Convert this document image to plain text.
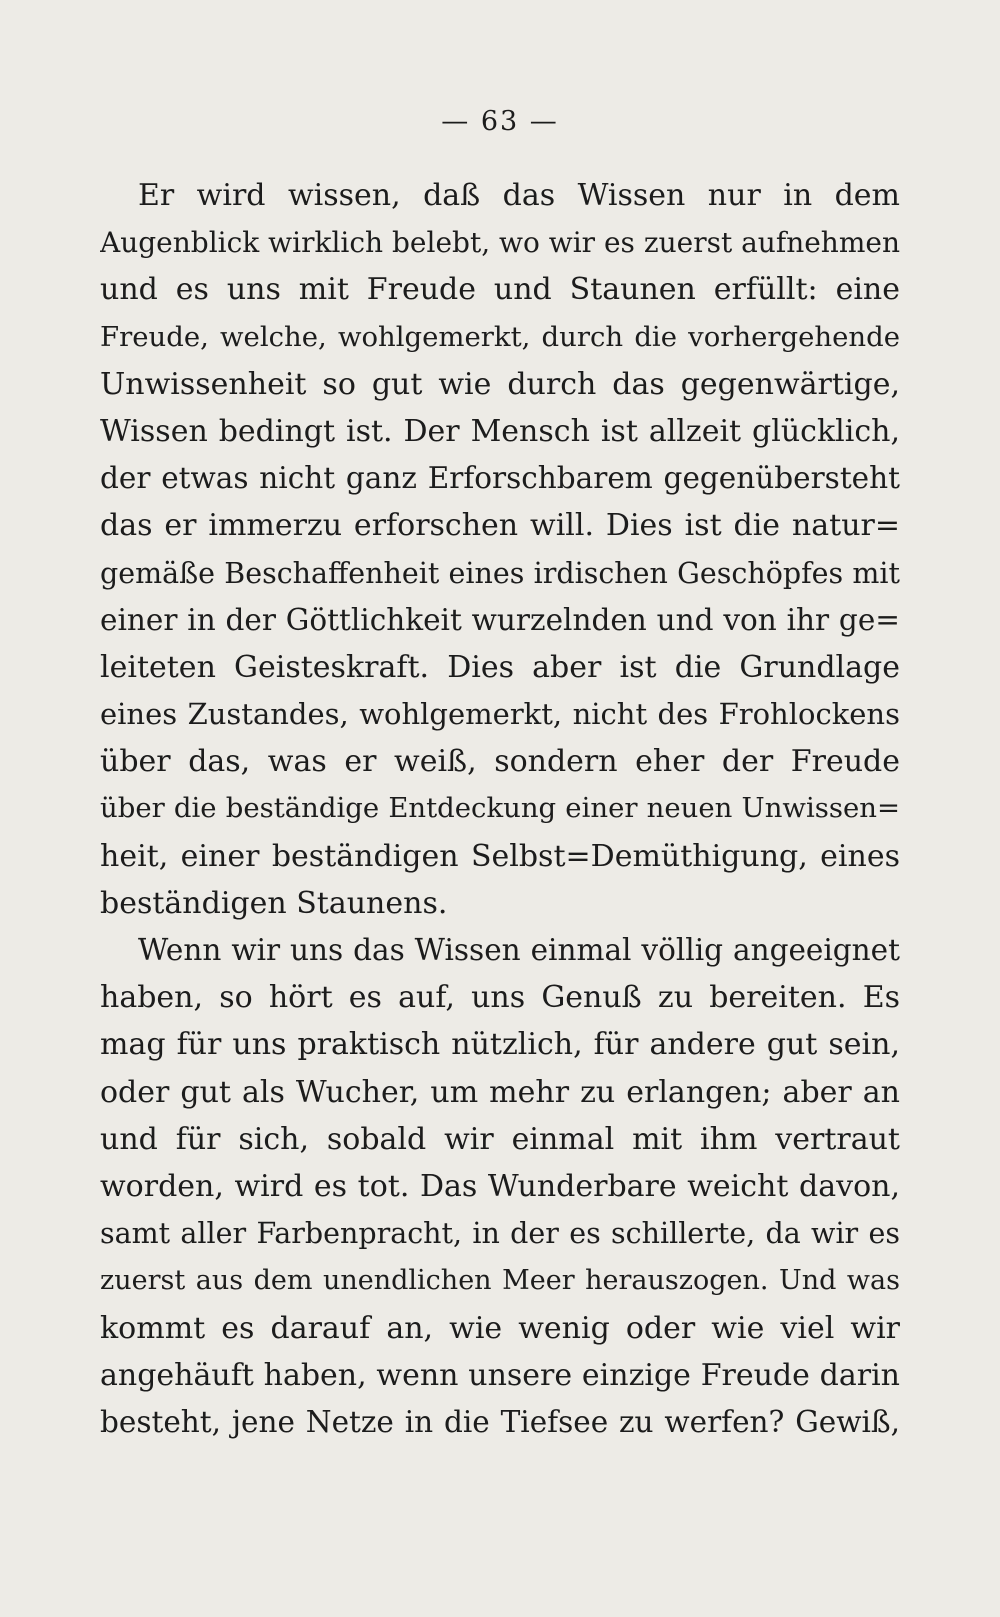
— 63 —

Er wird wissen, daß das Wissen nur in dem
Augenblick wirklich belebt, wo wir es zuerst aufnehmen
und es uns mit Freude und Staunen erfüllt: eine
Freude, welche, wohlgemerkt, durch die vorhergehende
Unwissenheit so gut wie durch das gegenwärtige,
Wissen bedingt ist. Der Mensch ist allzeit glücklich,
der etwas nicht ganz Erforschbarem gegenübersteht
das er immerzu erforschen will. Dies ist die natur=
gemäße Beschaffenheit eines irdischen Geschöpfes mit
einer in der Göttlichkeit wurzelnden und von ihr ge=
leiteten Geisteskraft. Dies aber ist die Grundlage
eines Zustandes, wohlgemerkt, nicht des Frohlockens
über das, was er weiß, sondern eher der Freude
über die beständige Entdeckung einer neuen Unwissen=
heit, einer beständigen Selbst=Demüthigung, eines
beständigen Staunens.

Wenn wir uns das Wissen einmal völlig angeeignet
haben, so hört es auf, uns Genuß zu bereiten. Es
mag für uns praktisch nützlich, für andere gut sein,
oder gut als Wucher, um mehr zu erlangen; aber an
und für sich, sobald wir einmal mit ihm vertraut
worden, wird es tot. Das Wunderbare weicht davon,
samt aller Farbenpracht, in der es schillerte, da wir es
zuerst aus dem unendlichen Meer herauszogen. Und was
kommt es darauf an, wie wenig oder wie viel wir
angehäuft haben, wenn unsere einzige Freude darin
besteht, jene Netze in die Tiefsee zu werfen? Gewiß,
